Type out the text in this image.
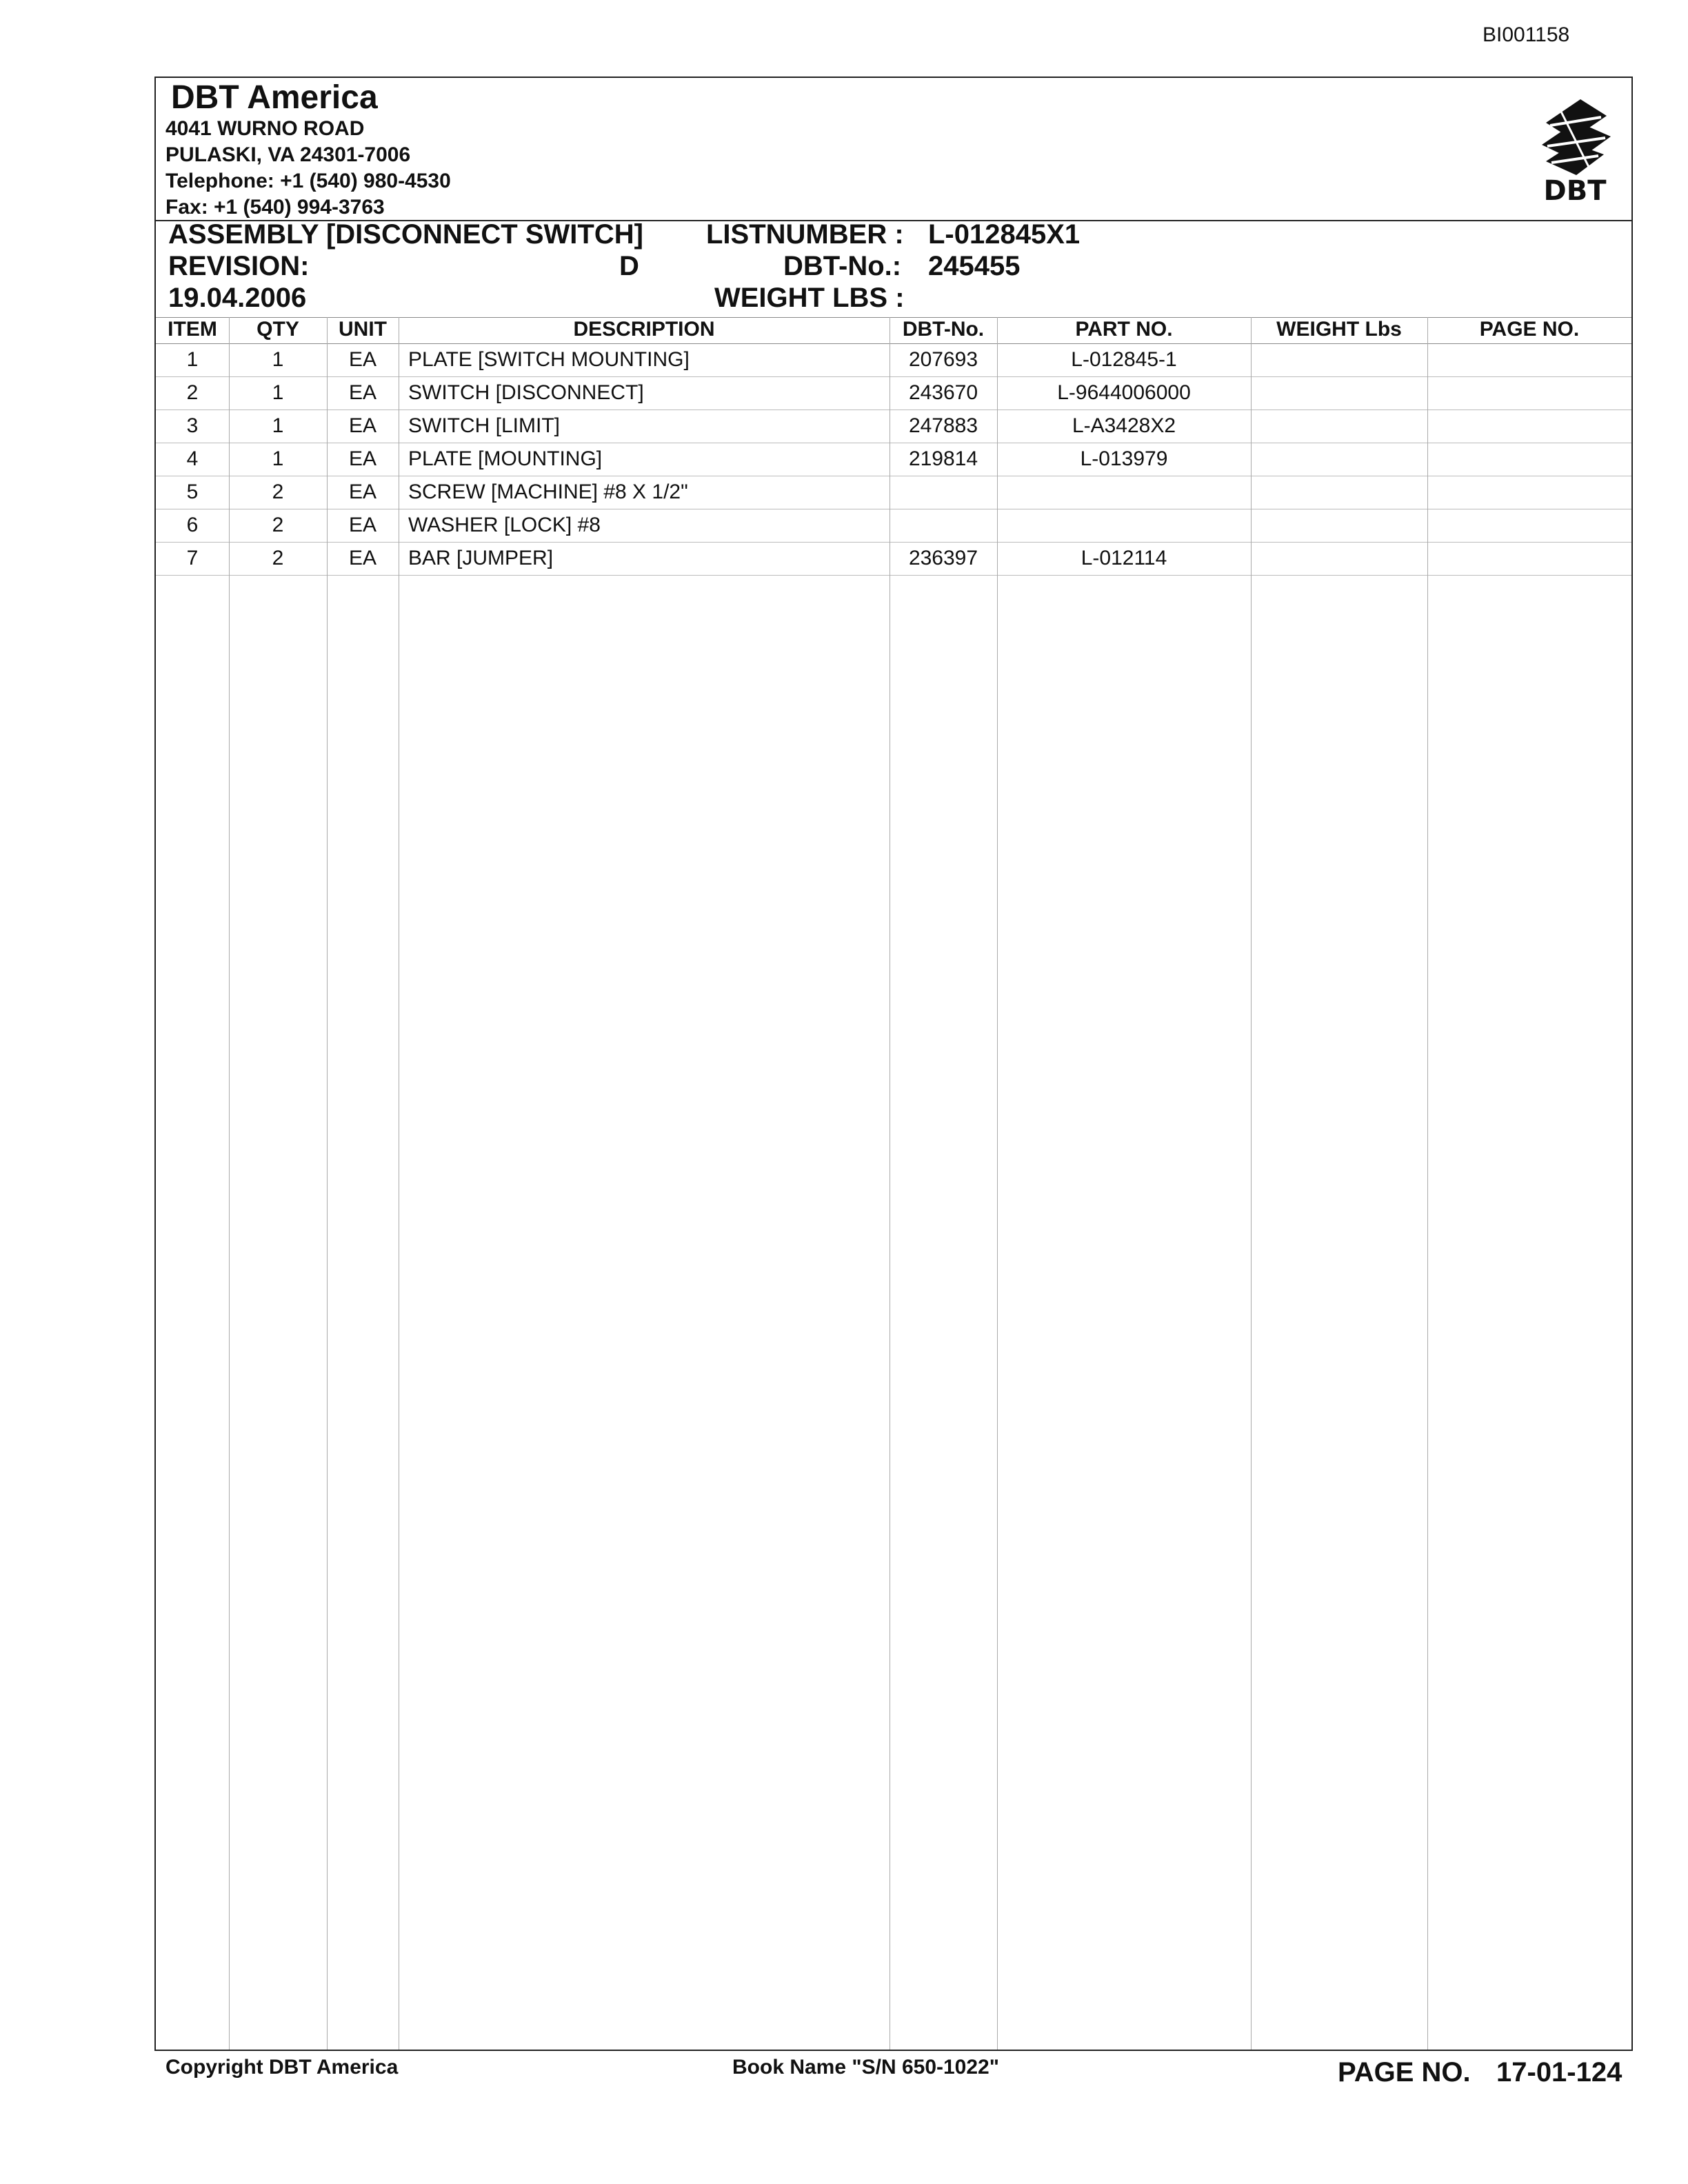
BI001158
DBT America
4041 WURNO ROAD
PULASKI, VA 24301-7006
Telephone: +1 (540) 980-4530
Fax: +1 (540) 994-3763
DBT
ASSEMBLY [DISCONNECT SWITCH] LISTNUMBER : L-012845X1
REVISION:	D	DBT-No.: 245455
19.04.2006	WEIGHT LBS :
ITEM	QTY	UNIT	DESCRIPTION	DBT-No.	PART NO.	WEIGHT Lbs	PAGE NO.
1	1	EA	PLATE [SWITCH MOUNTING]	207693	L-012845-1
2	1	EA	SWITCH [DISCONNECT]	243670	L-9644006000
3	1	EA	SWITCH [LIMIT]	247883	L-A3428X2
4	1	EA	PLATE [MOUNTING]	219814	L-013979
5	2	EA	SCREW [MACHINE] #8 X 1/2"
6	2	EA	WASHER [LOCK] #8
7	2	EA	BAR [JUMPER]	236397	L-012114
Copyright DBT America	Book Name "S/N 650-1022"	PAGE NO. 17-01-124
